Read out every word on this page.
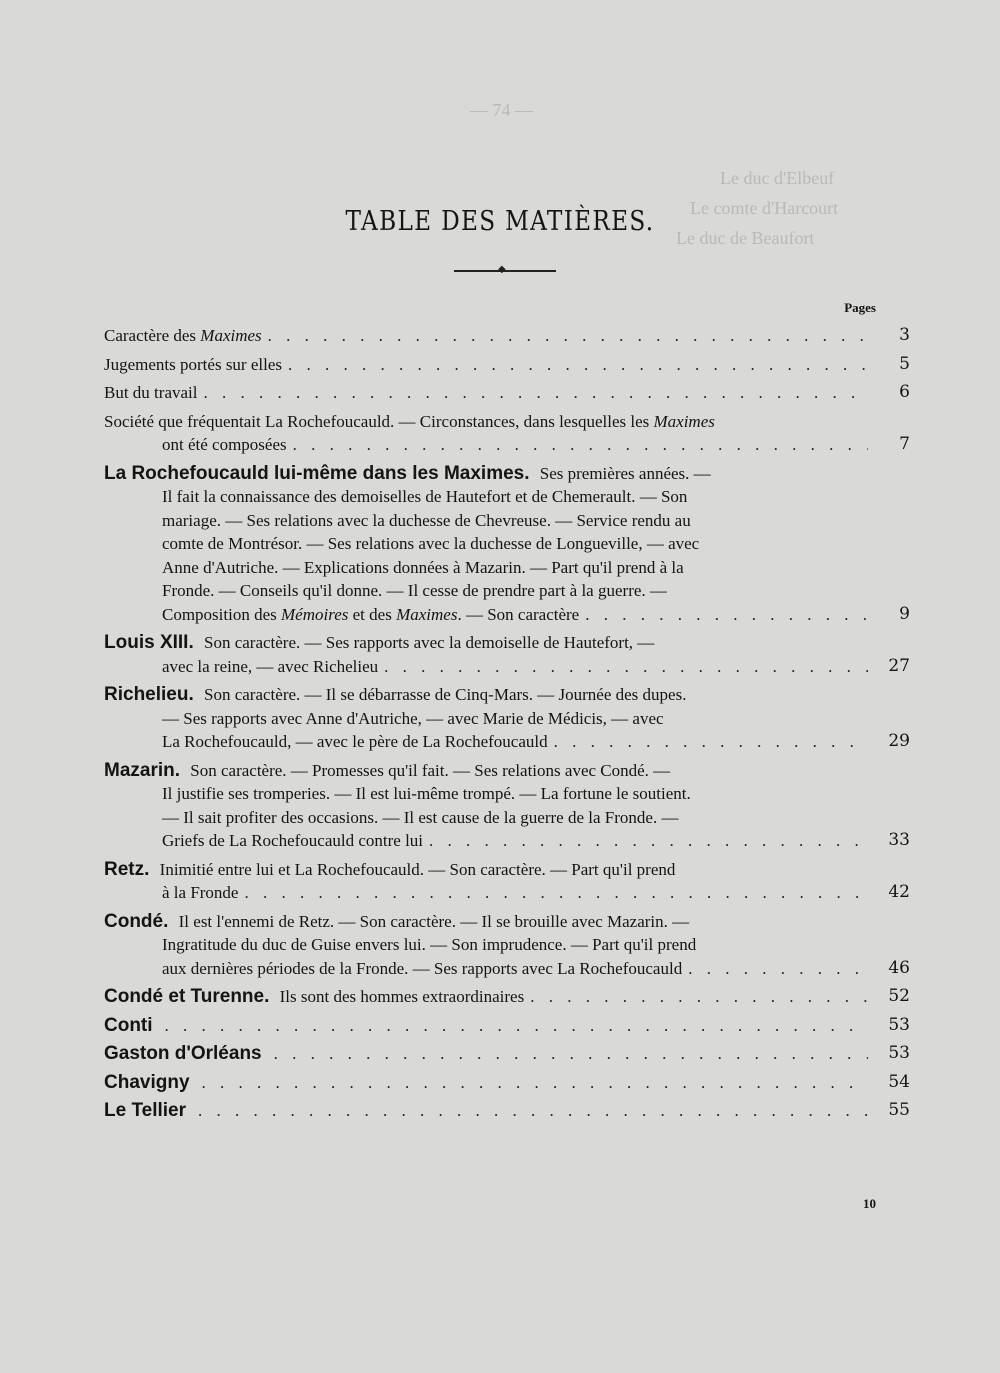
Le duc d'Elbeuf
Le comte d'Harcourt
Le duc de Beaufort
— 74 —
TABLE DES MATIÈRES.
◆
Pages
Caractère des Maximes . . .	3
Jugements portés sur elles . . .	5
But du travail . . .	6
Société que fréquentait La Rochefoucauld. — Circonstances, dans lesquelles les Maximes
ont été composées . . .	7
La Rochefoucauld lui-même dans les Maximes. Ses premières années. —
Il fait la connaissance des demoiselles de Hautefort et de Chemerault. — Son
mariage. — Ses relations avec la duchesse de Chevreuse. — Service rendu au
comte de Montrésor. — Ses relations avec la duchesse de Longueville, — avec
Anne d'Autriche. — Explications données à Mazarin. — Part qu'il prend à la
Fronde. — Conseils qu'il donne. — Il cesse de prendre part à la guerre. —
Composition des Mémoires et des Maximes. — Son caractère . . .	9
Louis XIII. Son caractère. — Ses rapports avec la demoiselle de Hautefort, —
avec la reine, — avec Richelieu . . .	27
Richelieu. Son caractère. — Il se débarrasse de Cinq-Mars. — Journée des dupes.
— Ses rapports avec Anne d'Autriche, — avec Marie de Médicis, — avec
La Rochefoucauld, — avec le père de La Rochefoucauld . . .	29
Mazarin. Son caractère. — Promesses qu'il fait. — Ses relations avec Condé. —
Il justifie ses tromperies. — Il est lui-même trompé. — La fortune le soutient.
— Il sait profiter des occasions. — Il est cause de la guerre de la Fronde. —
Griefs de La Rochefoucauld contre lui . . .	33
Retz. Inimitié entre lui et La Rochefoucauld. — Son caractère. — Part qu'il prend
à la Fronde . . .	42
Condé. Il est l'ennemi de Retz. — Son caractère. — Il se brouille avec Mazarin. —
Ingratitude du duc de Guise envers lui. — Son imprudence. — Part qu'il prend
aux dernières périodes de la Fronde. — Ses rapports avec La Rochefoucauld . . .	46
Condé et Turenne. Ils sont des hommes extraordinaires . . .	52
Conti . . .	53
Gaston d'Orléans . . .	53
Chavigny . . .	54
Le Tellier . . .	55
10
